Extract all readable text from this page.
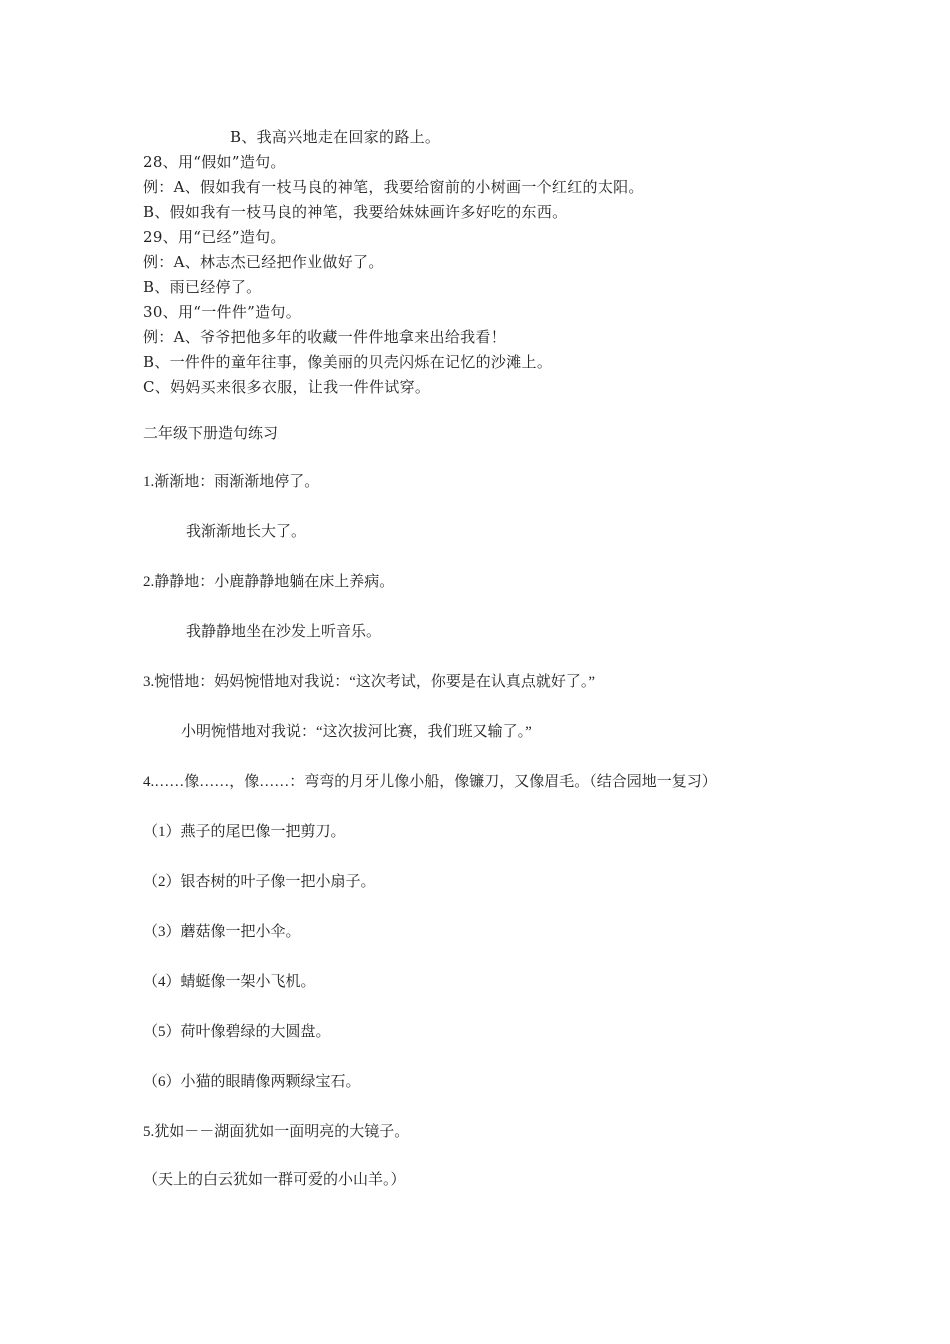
B、我高兴地走在回家的路上。
28、用“假如”造句。
例：A、假如我有一枝马良的神笔，我要给窗前的小树画一个红红的太阳。
B、假如我有一枝马良的神笔，我要给妹妹画许多好吃的东西。
29、用“已经”造句。
例：A、林志杰已经把作业做好了。
B、雨已经停了。
30、用“一件件”造句。
例：A、爷爷把他多年的收藏一件件地拿来出给我看！
B、一件件的童年往事，像美丽的贝壳闪烁在记忆的沙滩上。
C、妈妈买来很多衣服，让我一件件试穿。
二年级下册造句练习
1.渐渐地：雨渐渐地停了。
我渐渐地长大了。
2.静静地：小鹿静静地躺在床上养病。
我静静地坐在沙发上听音乐。
3.惋惜地：妈妈惋惜地对我说：“这次考试，你要是在认真点就好了。”
小明惋惜地对我说：“这次拔河比赛，我们班又输了。”
4.……像……，像……：弯弯的月牙儿像小船，像镰刀，又像眉毛。（结合园地一复习）
（1）燕子的尾巴像一把剪刀。
（2）银杏树的叶子像一把小扇子。
（3）蘑菇像一把小伞。
（4）蜻蜓像一架小飞机。
（5）荷叶像碧绿的大圆盘。
（6）小猫的眼睛像两颗绿宝石。
5.犹如－－湖面犹如一面明亮的大镜子。
（天上的白云犹如一群可爱的小山羊。）
